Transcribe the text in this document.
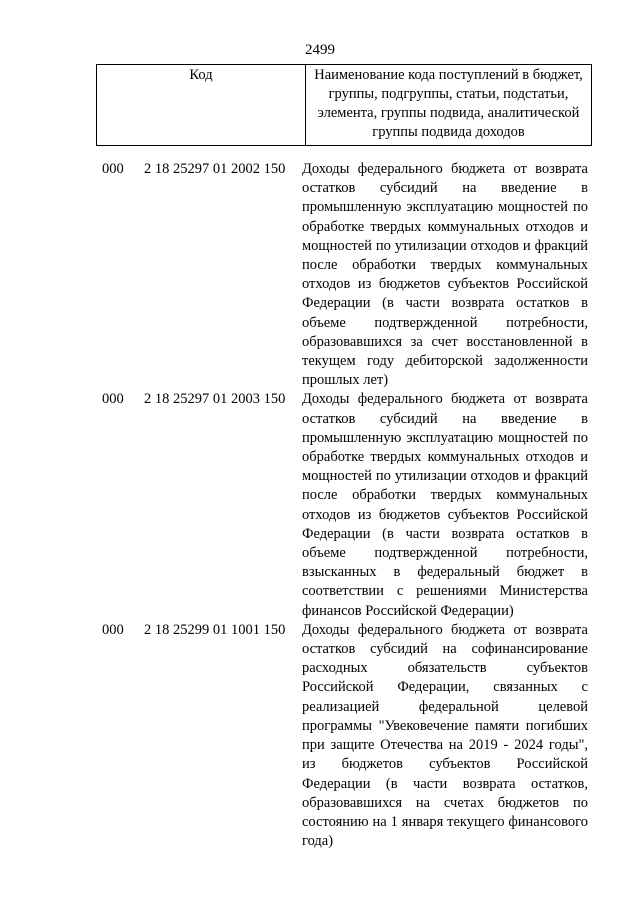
2499
Код	Наименование кода поступлений в бюджет, группы, подгруппы, статьи, подстатьи, элемента, группы подвида, аналитической группы подвида доходов
000 2 18 25297 01 2002 150 Доходы федерального бюджета от возврата остатков субсидий на введение в промышленную эксплуатацию мощностей по обработке твердых коммунальных отходов и мощностей по утилизации отходов и фракций после обработки твердых коммунальных отходов из бюджетов субъектов Российской Федерации (в части возврата остатков в объеме подтвержденной потребности, образовавшихся за счет восстановленной в текущем году дебиторской задолженности прошлых лет)
000 2 18 25297 01 2003 150 Доходы федерального бюджета от возврата остатков субсидий на введение в промышленную эксплуатацию мощностей по обработке твердых коммунальных отходов и мощностей по утилизации отходов и фракций после обработки твердых коммунальных отходов из бюджетов субъектов Российской Федерации (в части возврата остатков в объеме подтвержденной потребности, взысканных в федеральный бюджет в соответствии с решениями Министерства финансов Российской Федерации)
000 2 18 25299 01 1001 150 Доходы федерального бюджета от возврата остатков субсидий на софинансирование расходных обязательств субъектов Российской Федерации, связанных с реализацией федеральной целевой программы "Увековечение памяти погибших при защите Отечества на 2019 - 2024 годы", из бюджетов субъектов Российской Федерации (в части возврата остатков, образовавшихся на счетах бюджетов по состоянию на 1 января текущего финансового года)
